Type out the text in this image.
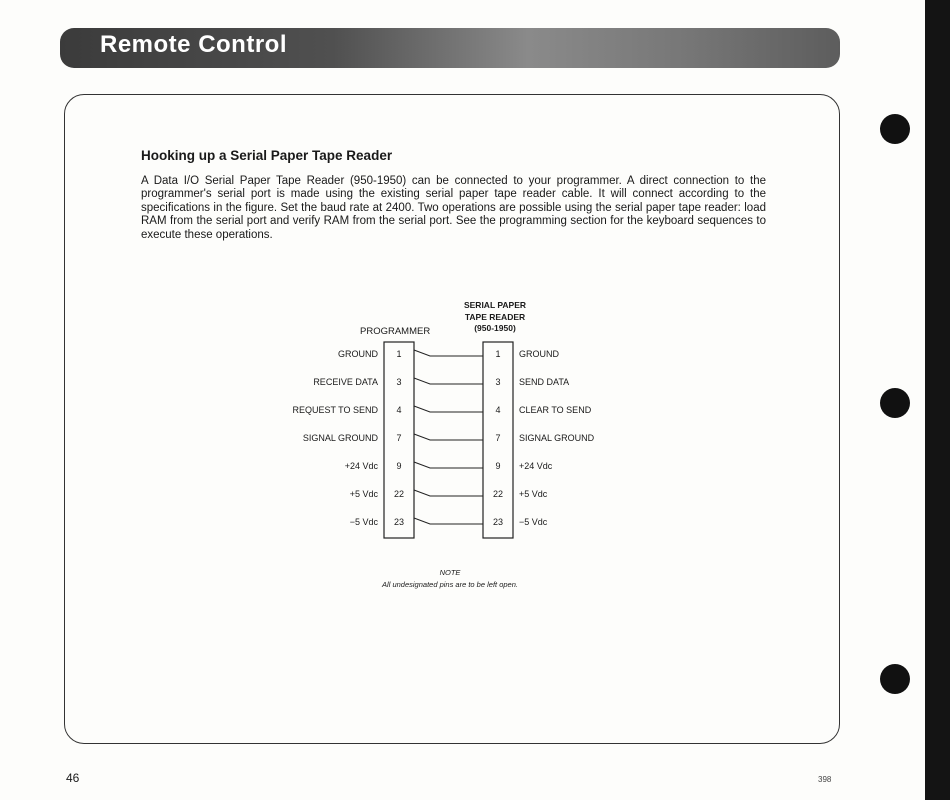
Remote Control
Hooking up a Serial Paper Tape Reader
A Data I/O Serial Paper Tape Reader (950-1950) can be connected to your programmer. A direct connection to the programmer's serial port is made using the existing serial paper tape reader cable. It will connect according to the specifications in the figure. Set the baud rate at 2400. Two operations are possible using the serial paper tape reader: load RAM from the serial port and verify RAM from the serial port. See the programming section for the keyboard sequences to execute these operations.
PROGRAMMER
SERIAL PAPER
TAPE READER
(950-1950)
NOTE
All undesignated pins are to be left open.
GROUND	1	1	GROUND
RECEIVE DATA	3	3	SEND DATA
REQUEST TO SEND	4	4	CLEAR TO SEND
SIGNAL GROUND	7	7	SIGNAL GROUND
+24 Vdc	9	9	+24 Vdc
+5 Vdc	22	22	+5 Vdc
−5 Vdc	23	23	−5 Vdc
46	398
